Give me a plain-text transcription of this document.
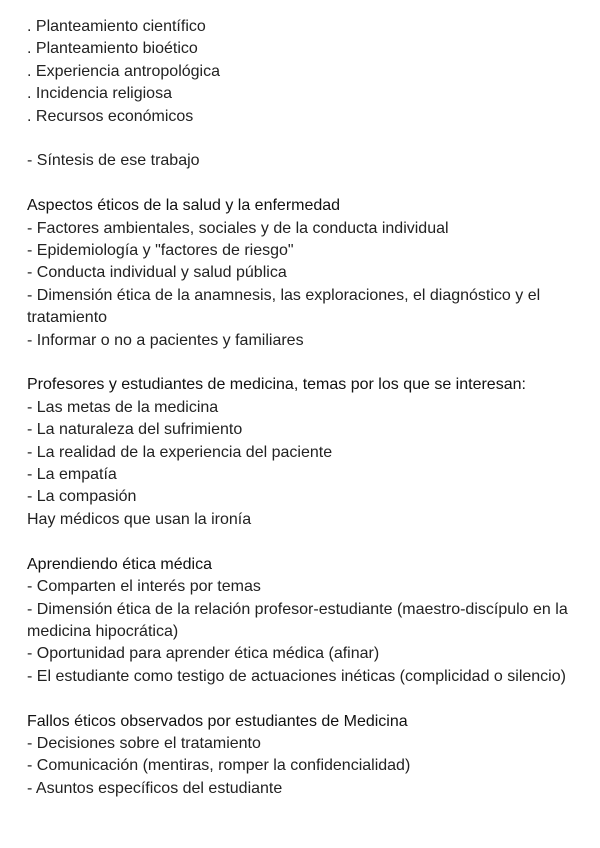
. Planteamiento científico
. Planteamiento bioético
. Experiencia antropológica
. Incidencia religiosa
. Recursos económicos
- Síntesis de ese trabajo
Aspectos éticos de la salud y la enfermedad
- Factores ambientales, sociales y de la conducta individual
- Epidemiología y "factores de riesgo"
- Conducta individual y salud pública
- Dimensión ética de la anamnesis, las exploraciones, el diagnóstico y el tratamiento
- Informar o no a pacientes y familiares
Profesores y estudiantes de medicina, temas por los que se interesan:
- Las metas de la medicina
- La naturaleza del sufrimiento
- La realidad de la experiencia del paciente
- La empatía
- La compasión
Hay médicos que usan la ironía
Aprendiendo ética médica
- Comparten el interés por temas
- Dimensión ética de la relación profesor-estudiante (maestro-discípulo en la medicina hipocrática)
- Oportunidad para aprender ética médica (afinar)
- El estudiante como testigo de actuaciones inéticas (complicidad o silencio)
Fallos éticos observados por estudiantes de Medicina
- Decisiones sobre el tratamiento
- Comunicación (mentiras, romper la confidencialidad)
- Asuntos específicos del estudiante
